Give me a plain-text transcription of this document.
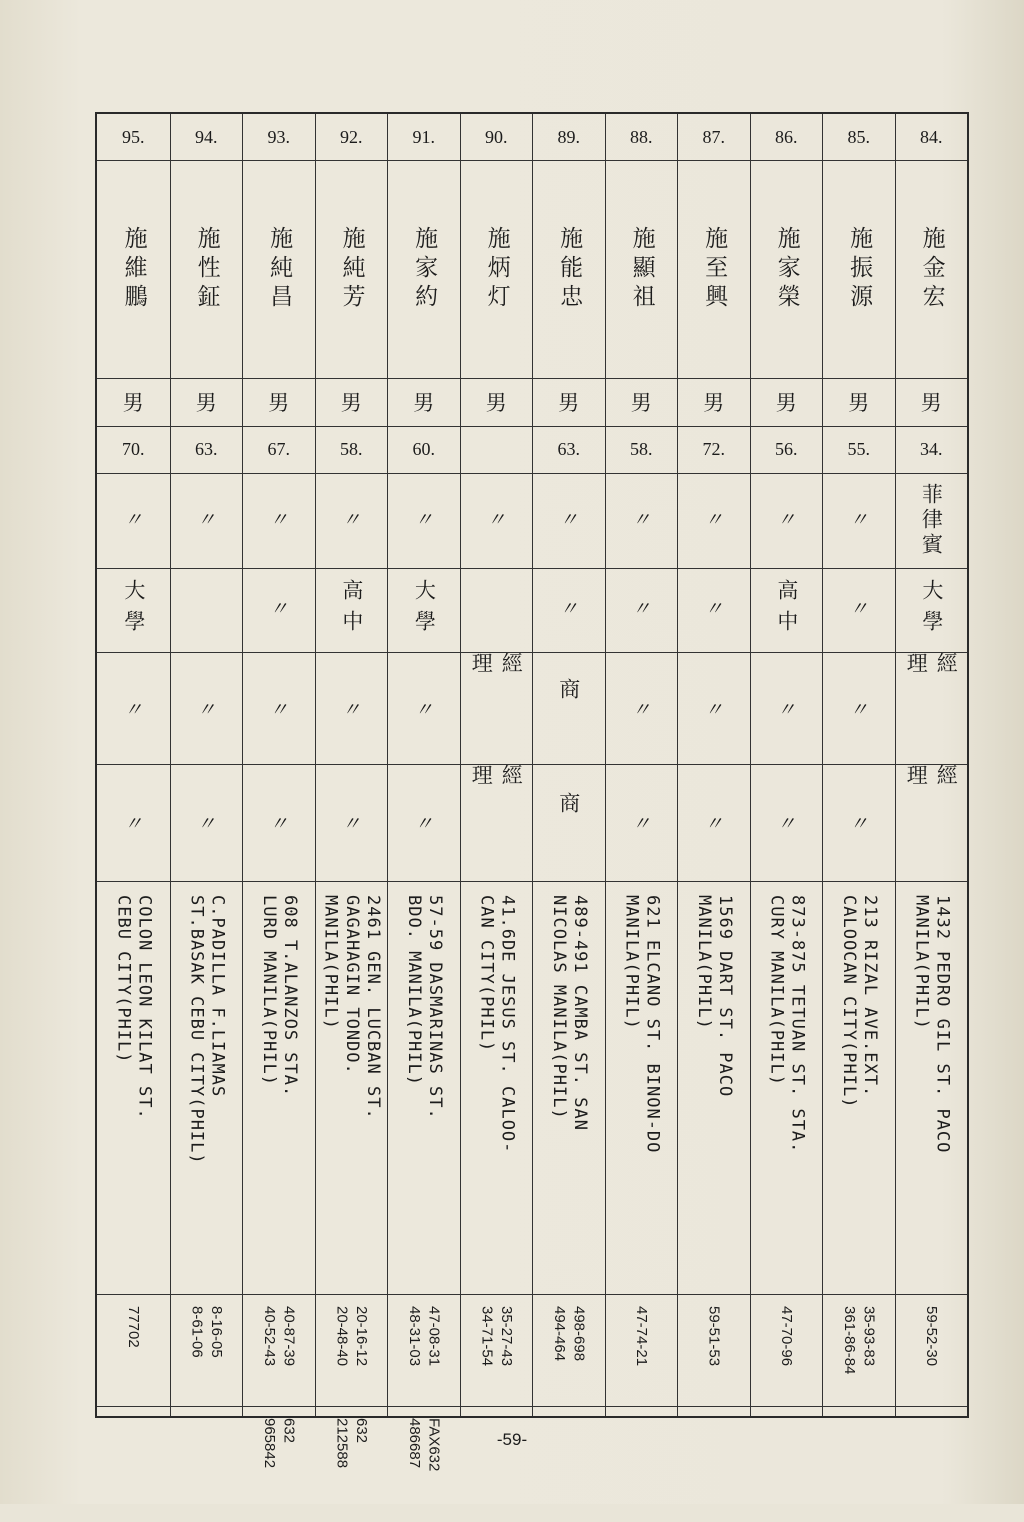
84.
施金宏
男
34.
菲律賓
大學
經理
經理
1432 PEDRO GIL ST. PACO
MANILA(PHIL)
59-52-30
85.
施振源
男
55.
〃
〃
〃
〃
213 RIZAL AVE.EXT.
CALOOCAN CITY(PHIL)
35-93-83
361-86-84
86.
施家榮
男
56.
〃
高中
〃
〃
873-875 TETUAN ST. STA.
CURY MANILA(PHIL)
47-70-96
87.
施至興
男
72.
〃
〃
〃
〃
1569 DART ST. PACO
MANILA(PHIL)
59-51-53
88.
施顯祖
男
58.
〃
〃
〃
〃
621 ELCANO ST. BINON-DO
MANILA(PHIL)
47-74-21
89.
施能忠
男
63.
〃
〃
商
商
489-491 CAMBA ST. SAN
NICOLAS MANILA(PHIL)
498-698
494-464
90.
施炳灯
男
〃
經理
經理
41.6DE JESUS ST. CALOO-
CAN CITY(PHIL)
35-27-43
34-71-54
91.
施家約
男
60.
〃
大學
〃
〃
57-59 DASMARINAS ST.
BDO. MANILA(PHIL)
47-08-31
48-31-03
FAX632
486687
92.
施純芳
男
58.
〃
高中
〃
〃
2461 GEN. LUCBAN ST.
GAGAHAGIN TONDO.
MANILA(PHIL)
20-16-12
20-48-40
632
212588
93.
施純昌
男
67.
〃
〃
〃
〃
608 T.ALANZOS STA.
LURD MANILA(PHIL)
40-87-39
40-52-43
632
965842
94.
施性鉦
男
63.
〃
〃
〃
C.PADILLA F.LIAMAS
ST.BASAK CEBU CITY(PHIL)
8-16-05
8-61-06
95.
施維鵬
男
70.
〃
大學
〃
〃
COLON LEON KILAT ST.
CEBU CITY(PHIL)
77702
-59-
